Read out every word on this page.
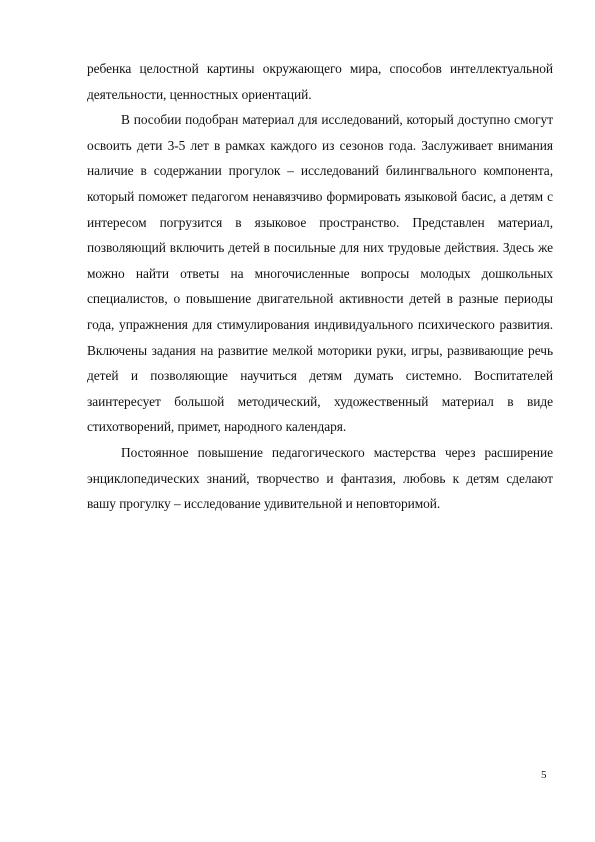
ребенка целостной картины окружающего мира, способов интеллектуальной деятельности, ценностных ориентаций.

В пособии подобран материал для исследований, который доступно смогут освоить дети 3-5 лет в рамках каждого из сезонов года. Заслуживает внимания наличие в содержании прогулок – исследований билингвального компонента, который поможет педагогом ненавязчиво формировать языковой басис, а детям с интересом погрузится в языковое пространство. Представлен материал, позволяющий включить детей в посильные для них трудовые действия. Здесь же можно найти ответы на многочисленные вопросы молодых дошкольных специалистов, о повышение двигательной активности детей в разные периоды года, упражнения для стимулирования индивидуального психического развития. Включены задания на развитие мелкой моторики руки, игры, развивающие речь детей и позволяющие научиться детям думать системно. Воспитателей заинтересует большой методический, художественный материал в виде стихотворений, примет, народного календаря.

Постоянное повышение педагогического мастерства через расширение энциклопедических знаний, творчество и фантазия, любовь к детям сделают вашу прогулку – исследование удивительной и неповторимой.

5
